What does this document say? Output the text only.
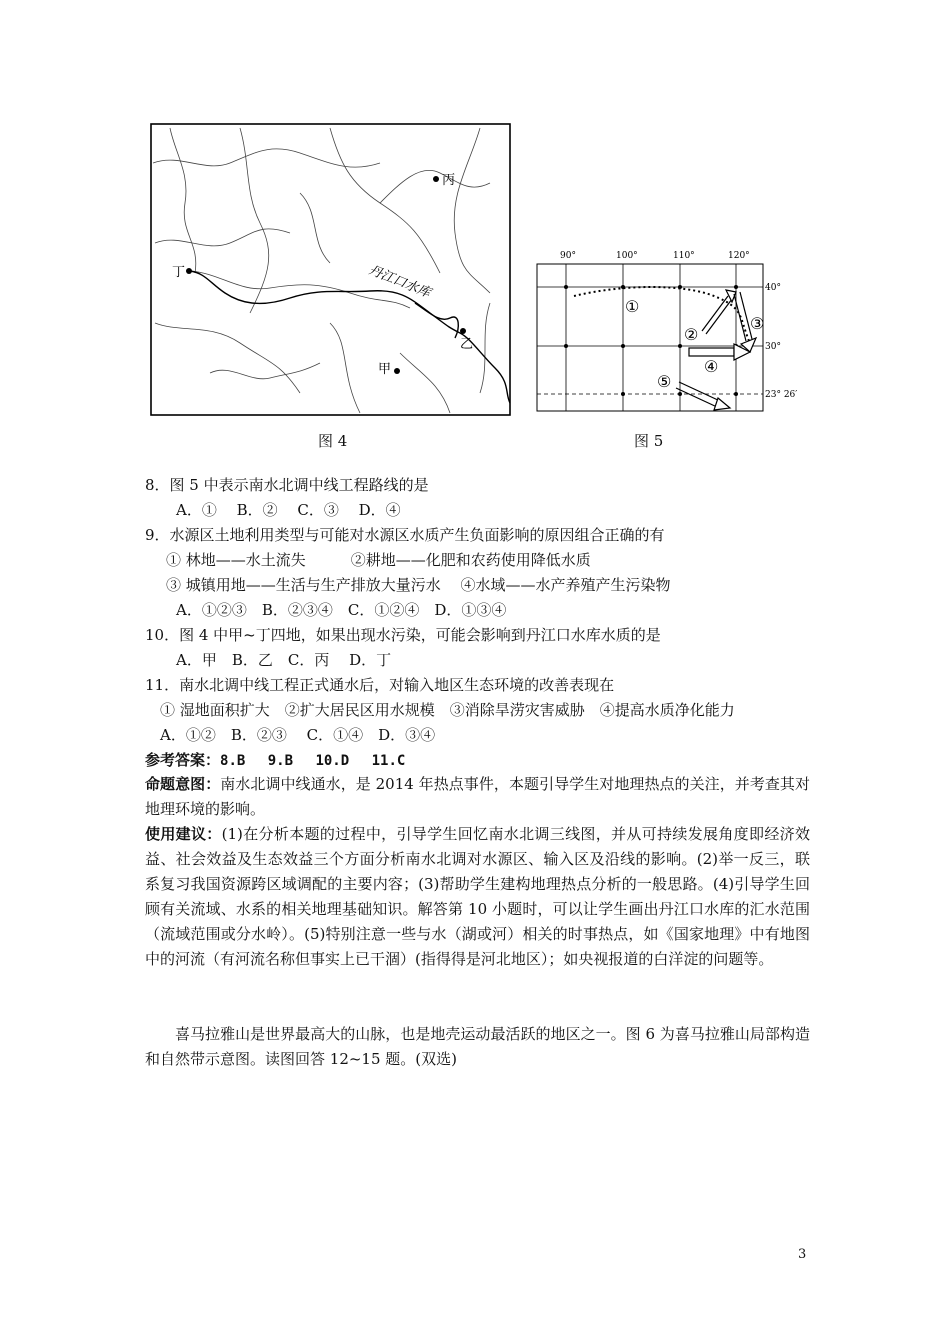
丙
丁
乙
甲
丹江口水库
图 4
90°	100°	110°	120°
40°
30°
23° 26′
①
②
③
④
⑤
图 5
8．图 5 中表示南水北调中线工程路线的是
A．①　 B．②　 C．③　 D．④
9．水源区土地利用类型与可能对水源区水质产生负面影响的原因组合正确的有
① 林地——水土流失　　　②耕地——化肥和农药使用降低水质
③ 城镇用地——生活与生产排放大量污水　 ④水域——水产养殖产生污染物
A．①②③　B．②③④　C．①②④　D．①③④
10．图 4 中甲~丁四地，如果出现水污染，可能会影响到丹江口水库水质的是
A．甲　B．乙　C．丙　 D．丁
11．南水北调中线工程正式通水后，对输入地区生态环境的改善表现在
① 湿地面积扩大　②扩大居民区用水规模　③消除旱涝灾害威胁　④提高水质净化能力
A．①②　B．②③　 C．①④　D．③④
参考答案：8.B　 9.B　 10.D　 11.C
命题意图：南水北调中线通水，是 2014 年热点事件，本题引导学生对地理热点的关注，并考查其对地理环境的影响。
使用建议：(1)在分析本题的过程中，引导学生回忆南水北调三线图，并从可持续发展角度即经济效益、社会效益及生态效益三个方面分析南水北调对水源区、输入区及沿线的影响。(2)举一反三，联系复习我国资源跨区域调配的主要内容；(3)帮助学生建构地理热点分析的一般思路。(4)引导学生回顾有关流域、水系的相关地理基础知识。解答第 10 小题时，可以让学生画出丹江口水库的汇水范围（流域范围或分水岭）。(5)特别注意一些与水（湖或河）相关的时事热点，如《国家地理》中有地图中的河流（有河流名称但事实上已干涸）(指得得是河北地区）；如央视报道的白洋淀的问题等。
喜马拉雅山是世界最高大的山脉，也是地壳运动最活跃的地区之一。图 6 为喜马拉雅山局部构造和自然带示意图。读图回答 12~15 题。(双选)
3
